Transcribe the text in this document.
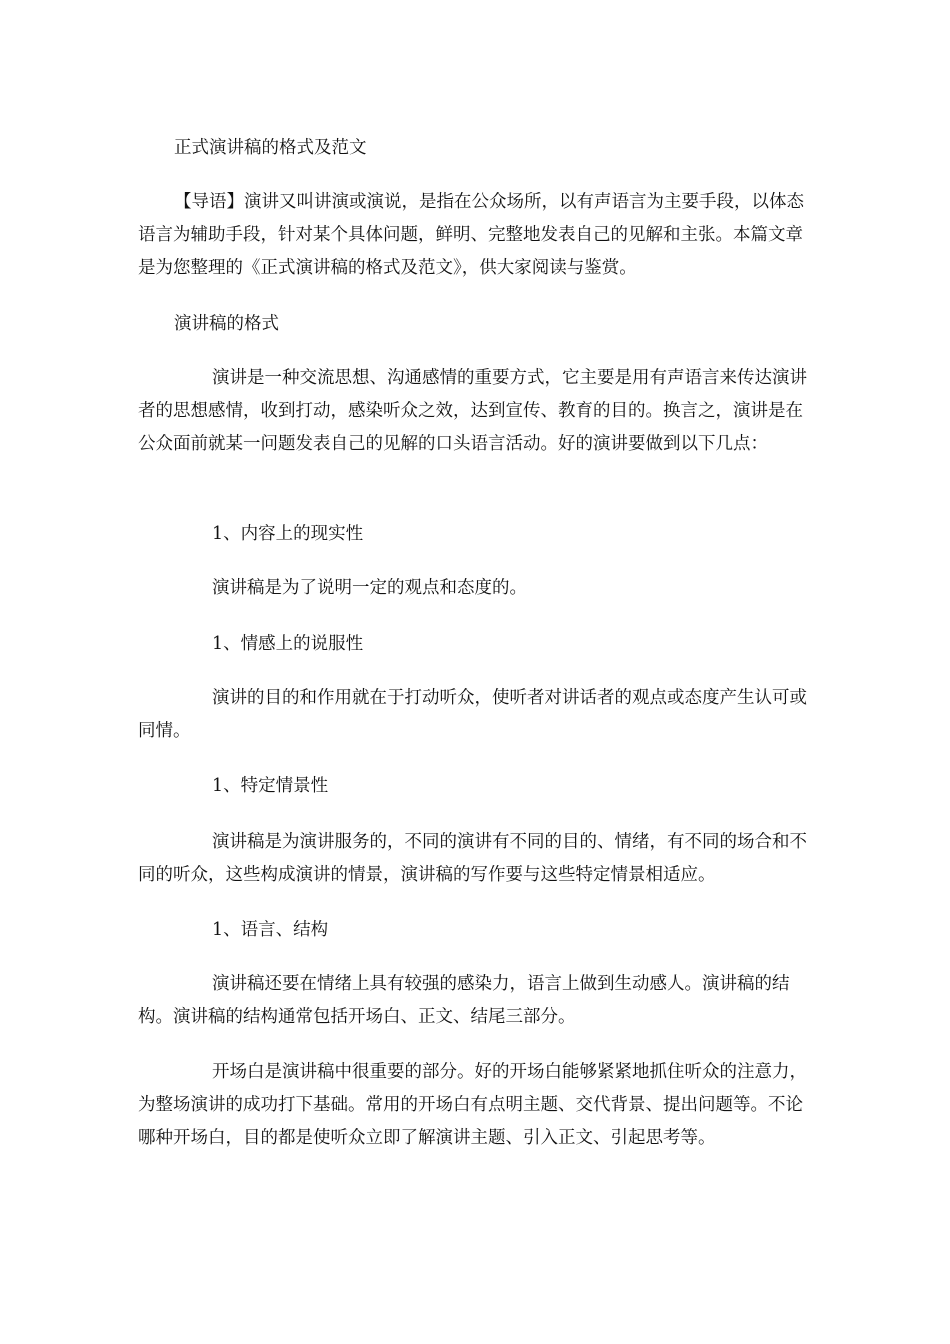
正式演讲稿的格式及范文

【导语】演讲又叫讲演或演说，是指在公众场所，以有声语言为主要手段，以体态语言为辅助手段，针对某个具体问题，鲜明、完整地发表自己的见解和主张。本篇文章是为您整理的《正式演讲稿的格式及范文》，供大家阅读与鉴赏。

演讲稿的格式

演讲是一种交流思想、沟通感情的重要方式，它主要是用有声语言来传达演讲者的思想感情，收到打动，感染听众之效，达到宣传、教育的目的。换言之，演讲是在公众面前就某一问题发表自己的见解的口头语言活动。好的演讲要做到以下几点：

1、内容上的现实性

演讲稿是为了说明一定的观点和态度的。

1、情感上的说服性

演讲的目的和作用就在于打动听众，使听者对讲话者的观点或态度产生认可或同情。

1、特定情景性

演讲稿是为演讲服务的，不同的演讲有不同的目的、情绪，有不同的场合和不同的听众，这些构成演讲的情景，演讲稿的写作要与这些特定情景相适应。

1、语言、结构

演讲稿还要在情绪上具有较强的感染力，语言上做到生动感人。演讲稿的结构。演讲稿的结构通常包括开场白、正文、结尾三部分。

开场白是演讲稿中很重要的部分。好的开场白能够紧紧地抓住听众的注意力，为整场演讲的成功打下基础。常用的开场白有点明主题、交代背景、提出问题等。不论哪种开场白，目的都是使听众立即了解演讲主题、引入正文、引起思考等。
